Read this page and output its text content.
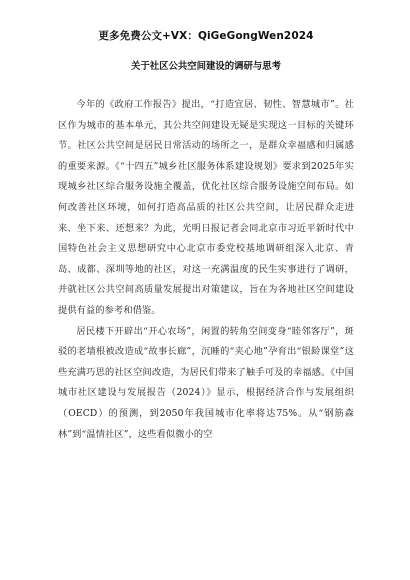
更多免费公文+VX：QiGeGongWen2024
关于社区公共空间建设的调研与思考

今年的《政府工作报告》提出，“打造宜居、韧性、智慧城市”。社区作为城市的基本单元，其公共空间建设无疑是实现这一目标的关键环节。社区公共空间是居民日常活动的场所之一，是群众幸福感和归属感的重要来源。《“十四五”城乡社区服务体系建设规划》要求到2025年实现城乡社区综合服务设施全覆盖，优化社区综合服务设施空间布局。如何改善社区环境，如何打造高品质的社区公共空间，让居民群众走进来、坐下来、还想来？为此，光明日报记者会同北京市习近平新时代中国特色社会主义思想研究中心北京市委党校基地调研组深入北京、青岛、成都、深圳等地的社区，对这一充满温度的民生实事进行了调研，并就社区公共空间高质量发展提出对策建议，旨在为各地社区空间建设提供有益的参考和借鉴。

居民楼下开辟出“开心农场”，闲置的转角空间变身“睦邻客厅”，斑驳的老墙根被改造成“故事长廊”，沉睡的“夹心地”孕育出“银龄课堂”这些充满巧思的社区空间改造，为居民们带来了触手可及的幸福感。《中国城市社区建设与发展报告（2024）》显示，根据经济合作与发展组织（OECD）的预测，到2050年我国城市化率将达75%。从“钢筋森林”到“温情社区”，这些看似微小的空
